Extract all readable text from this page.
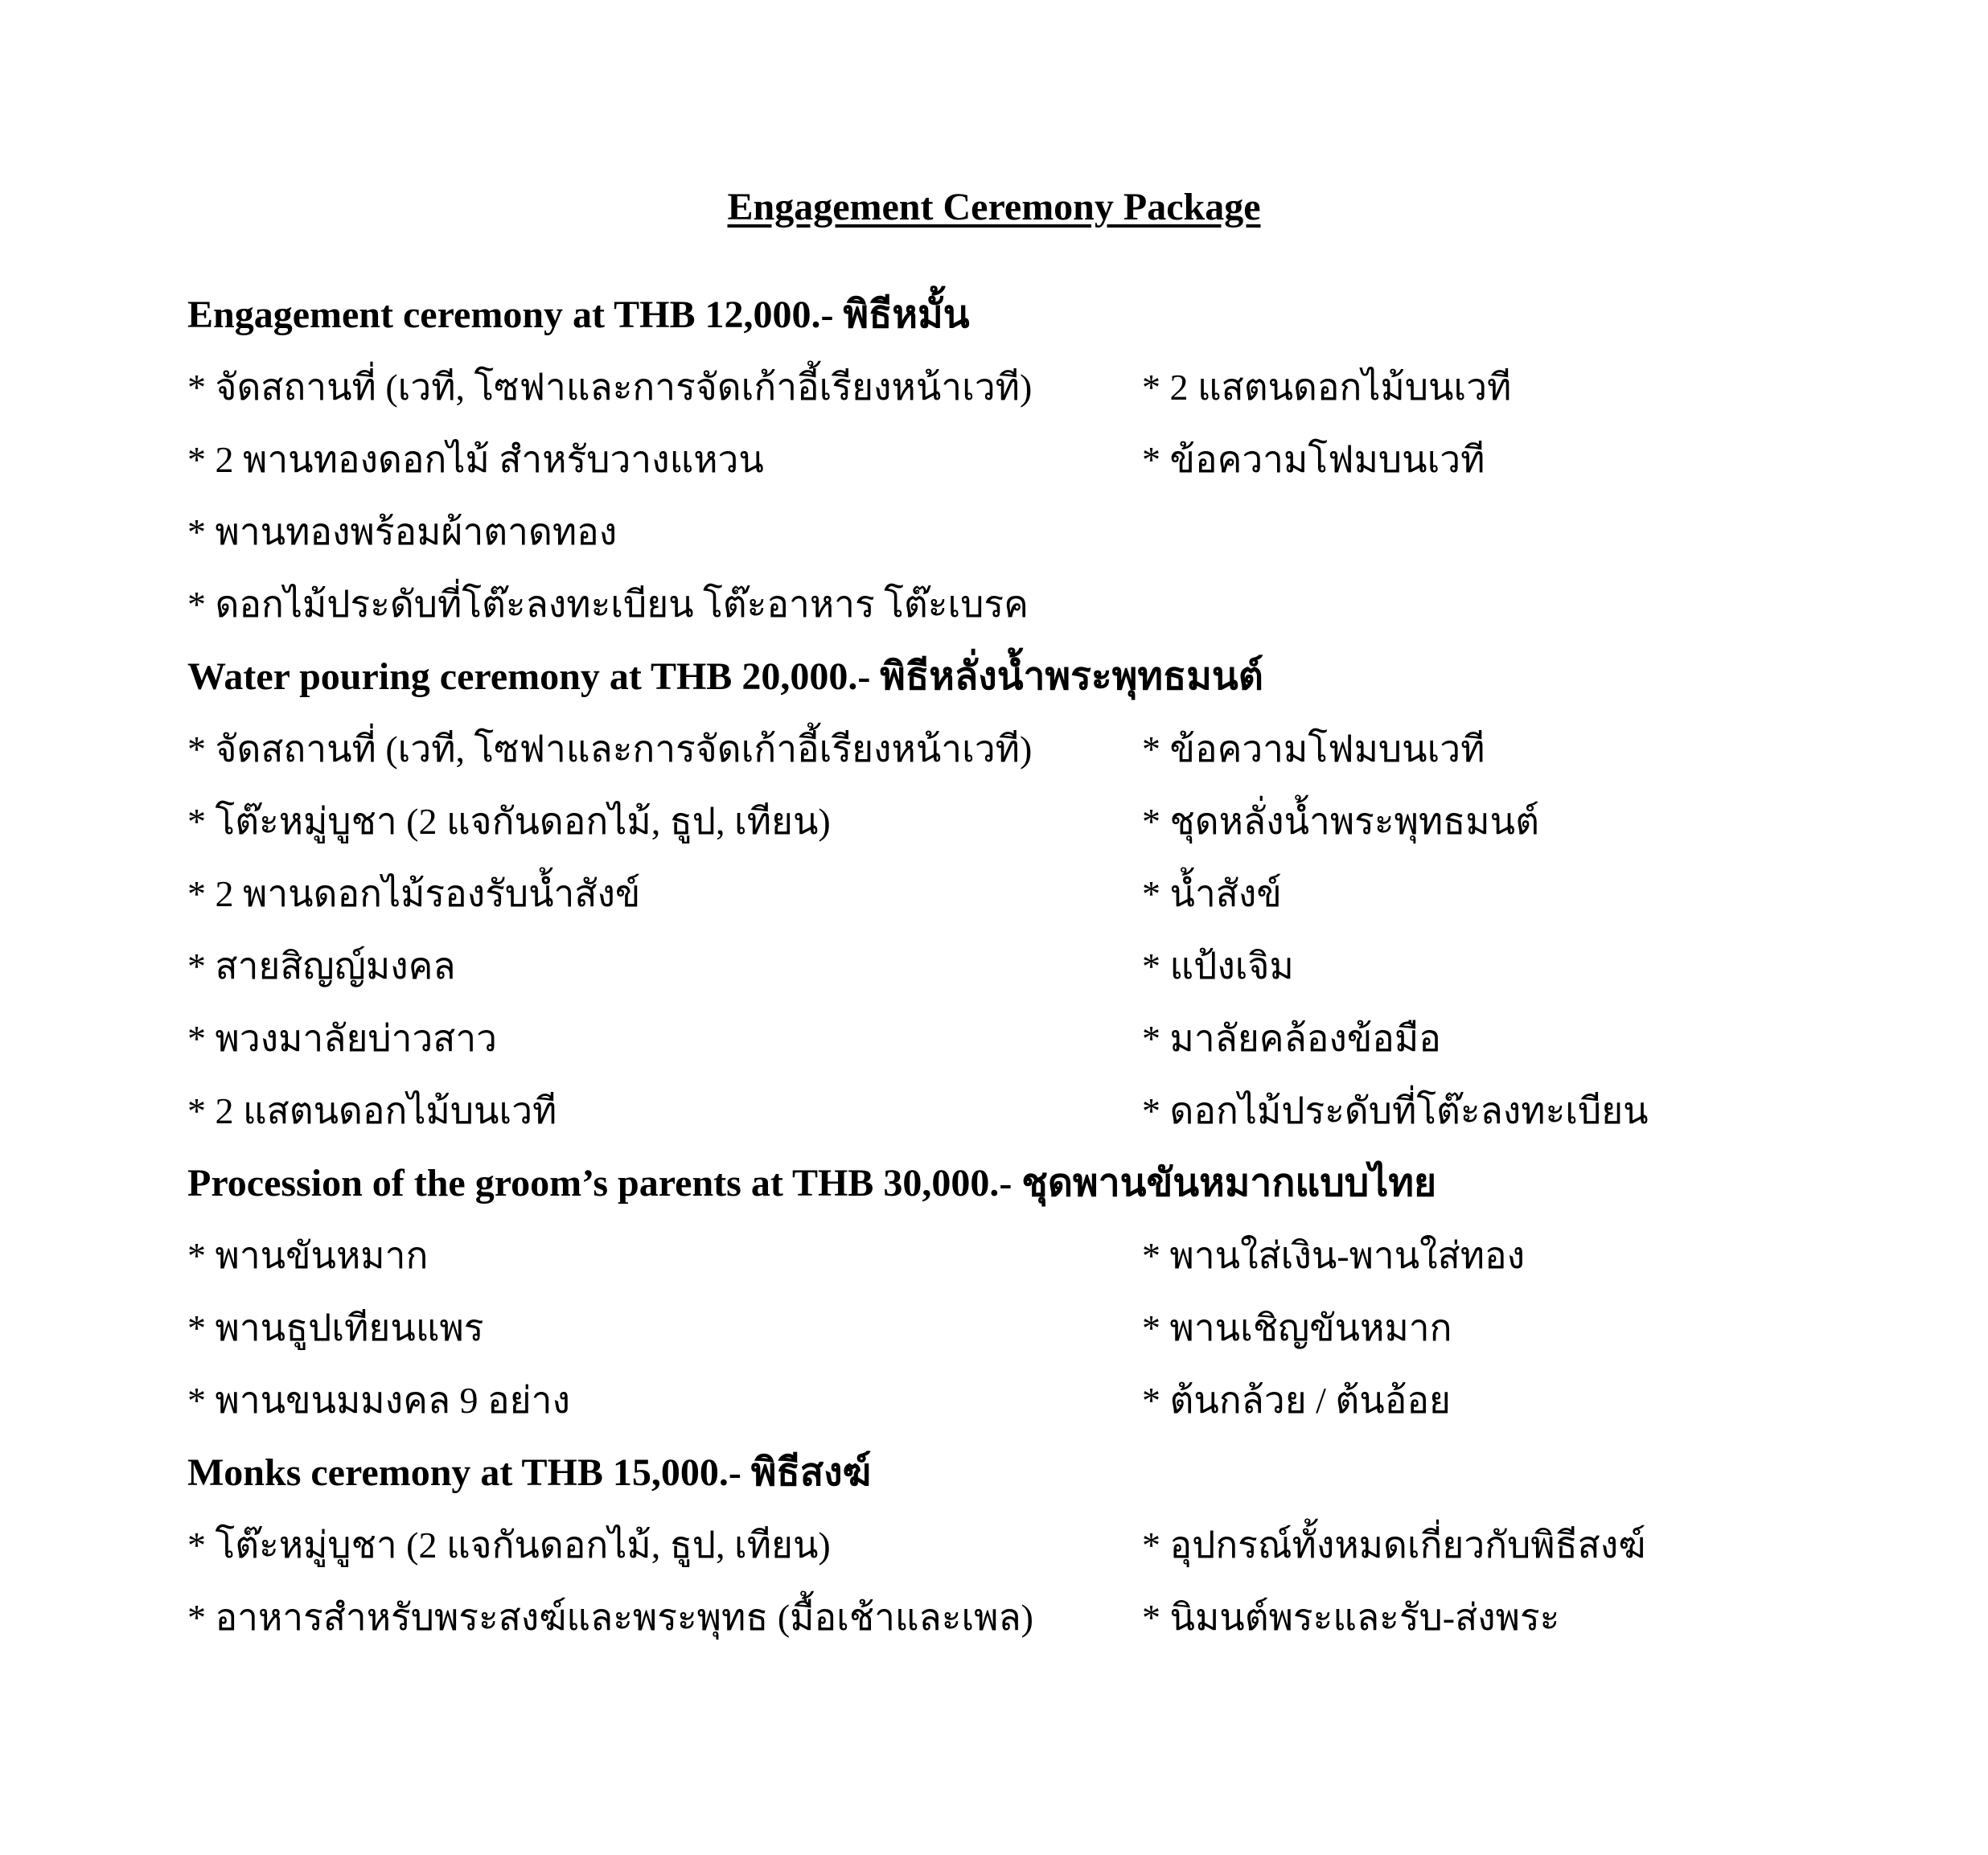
Engagement Ceremony Package
Engagement ceremony at THB 12,000.- พิธีหมั้น
* จัดสถานที่ (เวที, โซฟาและการจัดเก้าอี้เรียงหน้าเวที)	* 2 แสตนดอกไม้บนเวที
* 2 พานทองดอกไม้ สำหรับวางแหวน	* ข้อความโฟมบนเวที
* พานทองพร้อมผ้าตาดทอง
* ดอกไม้ประดับที่โต๊ะลงทะเบียน โต๊ะอาหาร โต๊ะเบรค
Water pouring ceremony at THB 20,000.- พิธีหลั่งน้ำพระพุทธมนต์
* จัดสถานที่ (เวที, โซฟาและการจัดเก้าอี้เรียงหน้าเวที)	* ข้อความโฟมบนเวที
* โต๊ะหมู่บูชา (2 แจกันดอกไม้, ธูป, เทียน)	* ชุดหลั่งน้ำพระพุทธมนต์
* 2 พานดอกไม้รองรับน้ำสังข์	* น้ำสังข์
* สายสิญญ์มงคล	* แป้งเจิม
* พวงมาลัยบ่าวสาว	* มาลัยคล้องข้อมือ
* 2 แสตนดอกไม้บนเวที	* ดอกไม้ประดับที่โต๊ะลงทะเบียน
Procession of the groom’s parents at THB 30,000.- ชุดพานขันหมากแบบไทย
* พานขันหมาก	* พานใส่เงิน-พานใส่ทอง
* พานธูปเทียนแพร	* พานเชิญขันหมาก
* พานขนมมงคล 9 อย่าง	* ต้นกล้วย / ต้นอ้อย
Monks ceremony at THB 15,000.- พิธีสงฆ์
* โต๊ะหมู่บูชา (2 แจกันดอกไม้, ธูป, เทียน)	* อุปกรณ์ทั้งหมดเกี่ยวกับพิธีสงฆ์
* อาหารสำหรับพระสงฆ์และพระพุทธ (มื้อเช้าและเพล)	* นิมนต์พระและรับ-ส่งพระ
